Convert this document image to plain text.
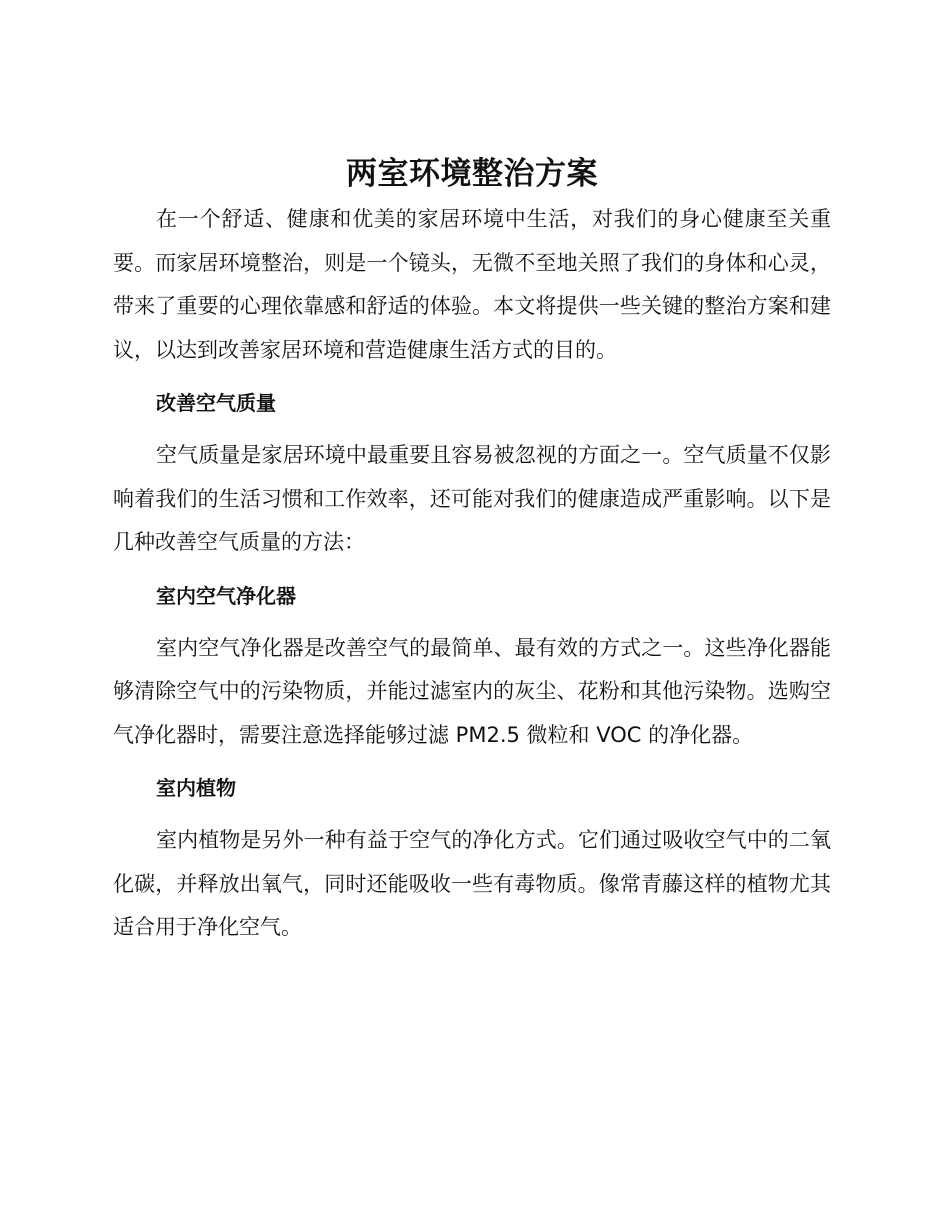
两室环境整治方案

在一个舒适、健康和优美的家居环境中生活，对我们的身心健康至关重要。而家居环境整治，则是一个镜头，无微不至地关照了我们的身体和心灵，带来了重要的心理依靠感和舒适的体验。本文将提供一些关键的整治方案和建议，以达到改善家居环境和营造健康生活方式的目的。

改善空气质量

空气质量是家居环境中最重要且容易被忽视的方面之一。空气质量不仅影响着我们的生活习惯和工作效率，还可能对我们的健康造成严重影响。以下是几种改善空气质量的方法：

室内空气净化器

室内空气净化器是改善空气的最简单、最有效的方式之一。这些净化器能够清除空气中的污染物质，并能过滤室内的灰尘、花粉和其他污染物。选购空气净化器时，需要注意选择能够过滤 PM2.5 微粒和 VOC 的净化器。

室内植物

室内植物是另外一种有益于空气的净化方式。它们通过吸收空气中的二氧化碳，并释放出氧气，同时还能吸收一些有毒物质。像常青藤这样的植物尤其适合用于净化空气。
